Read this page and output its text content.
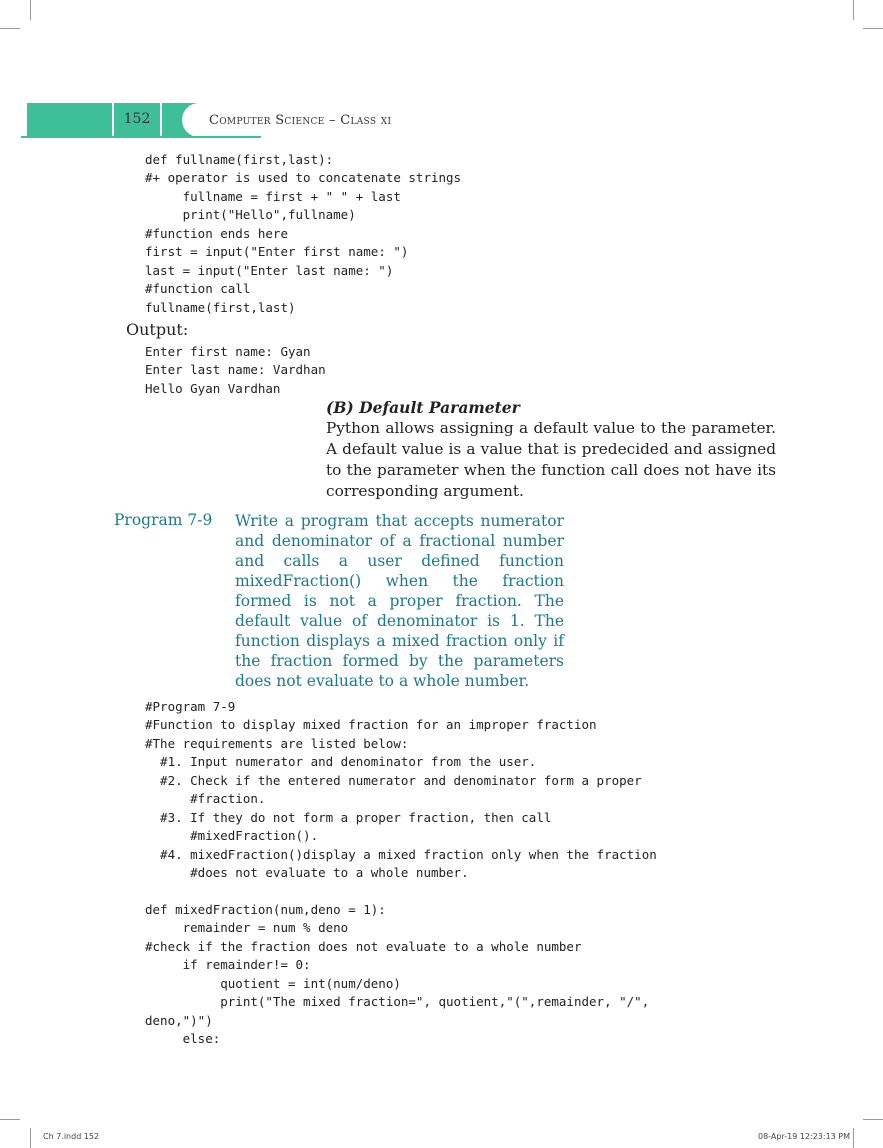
152	Computer Science – Class xi
def fullname(first,last):
#+ operator is used to concatenate strings
fullname = first + " " + last
print("Hello",fullname)
#function ends here
first = input("Enter first name: ")
last = input("Enter last name: ")
#function call
fullname(first,last)
Output:
Enter first name: Gyan
Enter last name: Vardhan
Hello Gyan Vardhan
(B) Default Parameter

Python allows assigning a default value to the parameter. A default value is a value that is predecided and assigned to the parameter when the function call does not have its corresponding argument.

Program 7-9 Write a program that accepts numerator and denominator of a fractional number and calls a user defined function mixedFraction() when the fraction formed is not a proper fraction. The default value of denominator is 1. The function displays a mixed fraction only if the fraction formed by the parameters does not evaluate to a whole number.

#Program 7-9
#Function to display mixed fraction for an improper fraction
#The requirements are listed below:
#1. Input numerator and denominator from the user.
#2. Check if the entered numerator and denominator form a proper
#fraction.
#3. If they do not form a proper fraction, then call
#mixedFraction().
#4. mixedFraction()display a mixed fraction only when the fraction
#does not evaluate to a whole number.

def mixedFraction(num,deno = 1):
remainder = num % deno
#check if the fraction does not evaluate to a whole number
if remainder!= 0:
quotient = int(num/deno)
print("The mixed fraction=", quotient,"(",remainder, "/",
deno,")")
else:
Ch 7.indd 152	08-Apr-19 12:23:13 PM
